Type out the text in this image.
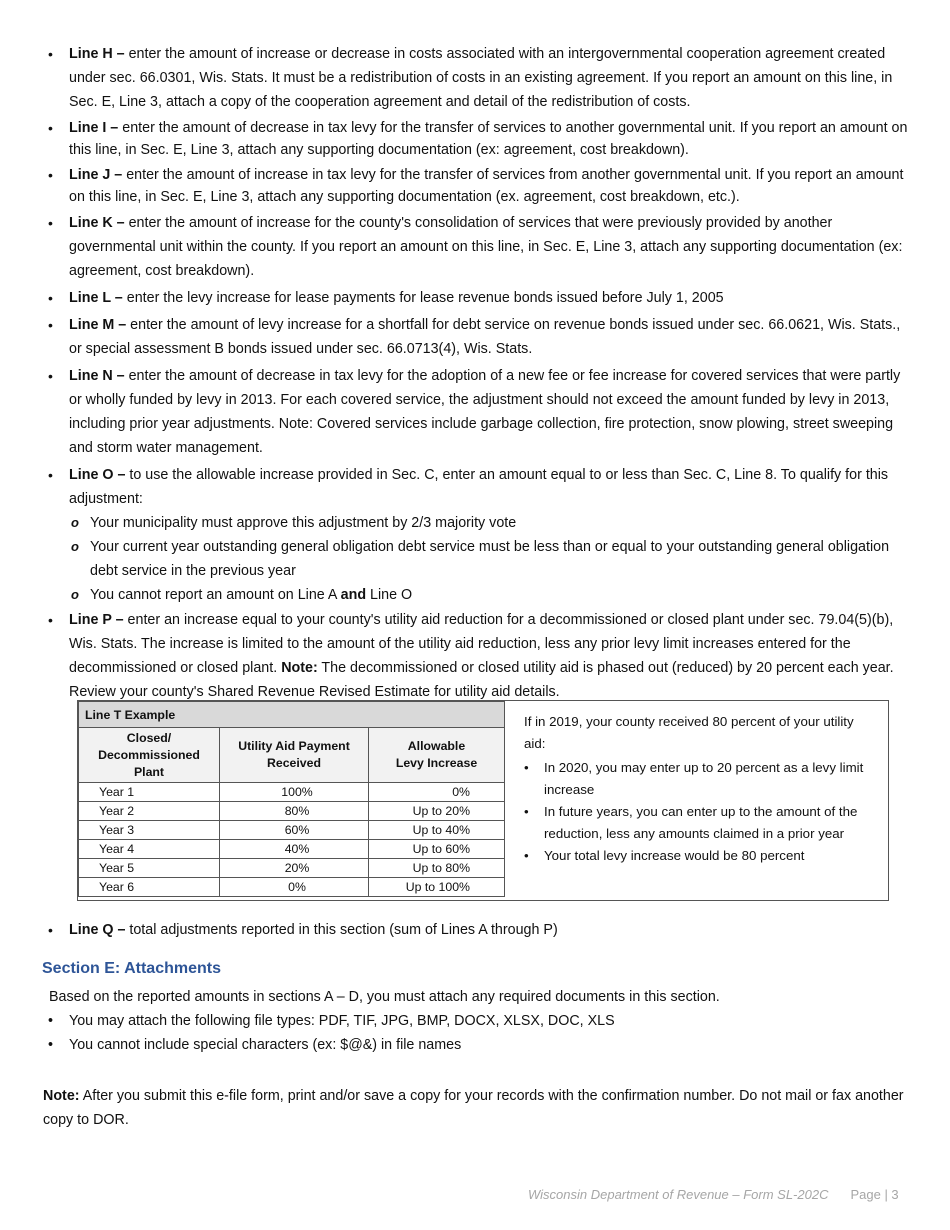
• Line H – enter the amount of increase or decrease in costs associated with an intergovernmental cooperation agreement created under sec. 66.0301, Wis. Stats. It must be a redistribution of costs in an existing agreement. If you report an amount on this line, in Sec. E, Line 3, attach a copy of the cooperation agreement and detail of the redistribution of costs.
• Line I – enter the amount of decrease in tax levy for the transfer of services to another governmental unit. If you report an amount on this line, in Sec. E, Line 3, attach any supporting documentation (ex: agreement, cost breakdown).
• Line J – enter the amount of increase in tax levy for the transfer of services from another governmental unit. If you report an amount on this line, in Sec. E, Line 3, attach any supporting documentation (ex. agreement, cost breakdown, etc.).
• Line K – enter the amount of increase for the county's consolidation of services that were previously provided by another governmental unit within the county. If you report an amount on this line, in Sec. E, Line 3, attach any supporting documentation (ex: agreement, cost breakdown).
• Line L – enter the levy increase for lease payments for lease revenue bonds issued before July 1, 2005
• Line M – enter the amount of levy increase for a shortfall for debt service on revenue bonds issued under sec. 66.0621, Wis. Stats., or special assessment B bonds issued under sec. 66.0713(4), Wis. Stats.
• Line N – enter the amount of decrease in tax levy for the adoption of a new fee or fee increase for covered services that were partly or wholly funded by levy in 2013. For each covered service, the adjustment should not exceed the amount funded by levy in 2013, including prior year adjustments. Note: Covered services include garbage collection, fire protection, snow plowing, street sweeping and storm water management.
• Line O – to use the allowable increase provided in Sec. C, enter an amount equal to or less than Sec. C, Line 8. To qualify for this adjustment:
o Your municipality must approve this adjustment by 2/3 majority vote
o Your current year outstanding general obligation debt service must be less than or equal to your outstanding general obligation debt service in the previous year
o You cannot report an amount on Line A and Line O
• Line P – enter an increase equal to your county's utility aid reduction for a decommissioned or closed plant under sec. 79.04(5)(b), Wis. Stats. The increase is limited to the amount of the utility aid reduction, less any prior levy limit increases entered for the decommissioned or closed plant. Note: The decommissioned or closed utility aid is phased out (reduced) by 20 percent each year. Review your county's Shared Revenue Revised Estimate for utility aid details.
Line T Example		
Closed/ Decommissioned Plant	Utility Aid Payment Received	Allowable Levy Increase
Year 1	100%	0%
Year 2	80%	Up to 20%
Year 3	60%	Up to 40%
Year 4	40%	Up to 60%
Year 5	20%	Up to 80%
Year 6	0%	Up to 100%
If in 2019, your county received 80 percent of your utility aid:
• In 2020, you may enter up to 20 percent as a levy limit increase
• In future years, you can enter up to the amount of the reduction, less any amounts claimed in a prior year
• Your total levy increase would be 80 percent
• Line Q – total adjustments reported in this section (sum of Lines A through P)
Section E: Attachments
Based on the reported amounts in sections A – D, you must attach any required documents in this section.
• You may attach the following file types: PDF, TIF, JPG, BMP, DOCX, XLSX, DOC, XLS
• You cannot include special characters (ex: $@&) in file names
Note: After you submit this e-file form, print and/or save a copy for your records with the confirmation number. Do not mail or fax another copy to DOR.
Wisconsin Department of Revenue – Form SL-202C Page | 3
